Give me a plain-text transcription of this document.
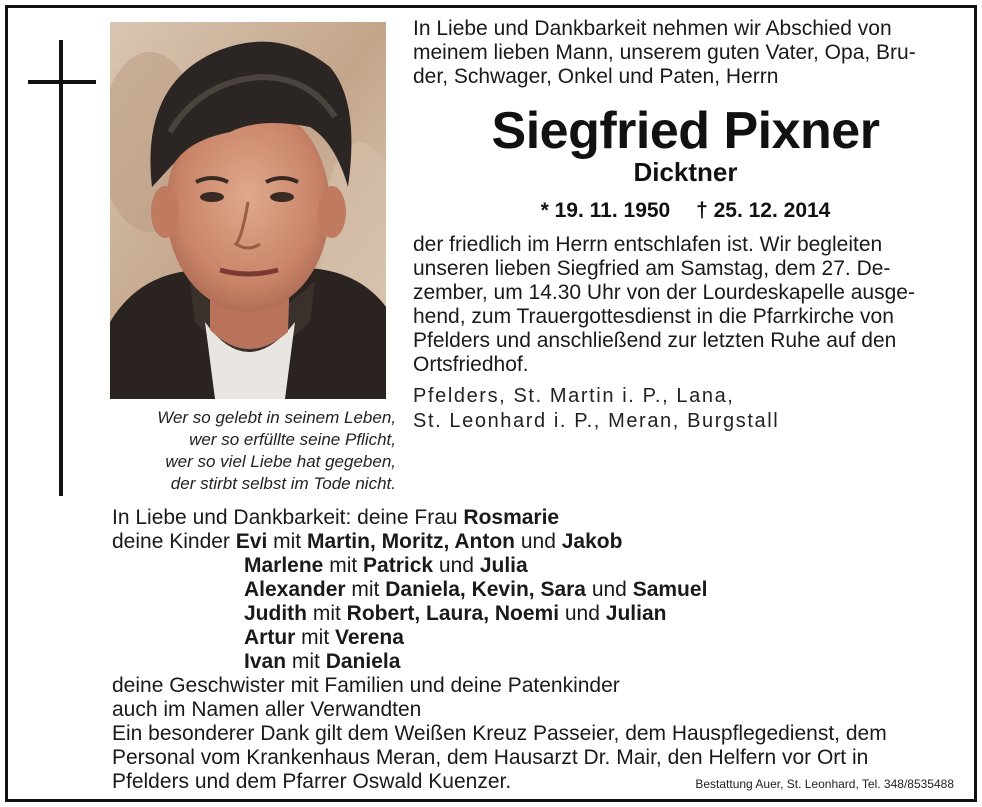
Wer so gelebt in seinem Leben,
wer so erfüllte seine Pflicht,
wer so viel Liebe hat gegeben,
der stirbt selbst im Tode nicht.
In Liebe und Dankbarkeit nehmen wir Abschied von
meinem lieben Mann, unserem guten Vater, Opa, Bru-
der, Schwager, Onkel und Paten, Herrn
Siegfried Pixner
Dicktner
* 19. 11. 1950 † 25. 12. 2014
der friedlich im Herrn entschlafen ist. Wir begleiten
unseren lieben Siegfried am Samstag, dem 27. De-
zember, um 14.30 Uhr von der Lourdeskapelle ausge-
hend, zum Trauergottesdienst in die Pfarrkirche von
Pfelders und anschließend zur letzten Ruhe auf den
Ortsfriedhof.
Pfelders, St. Martin i. P., Lana,
St. Leonhard i. P., Meran, Burgstall
In Liebe und Dankbarkeit: deine Frau Rosmarie
deine Kinder Evi mit Martin, Moritz, Anton und Jakob
Marlene mit Patrick und Julia
Alexander mit Daniela, Kevin, Sara und Samuel
Judith mit Robert, Laura, Noemi und Julian
Artur mit Verena
Ivan mit Daniela
deine Geschwister mit Familien und deine Patenkinder
auch im Namen aller Verwandten
Ein besonderer Dank gilt dem Weißen Kreuz Passeier, dem Hauspflegedienst, dem
Personal vom Krankenhaus Meran, dem Hausarzt Dr. Mair, den Helfern vor Ort in
Pfelders und dem Pfarrer Oswald Kuenzer.	Bestattung Auer, St. Leonhard, Tel. 348/8535488
